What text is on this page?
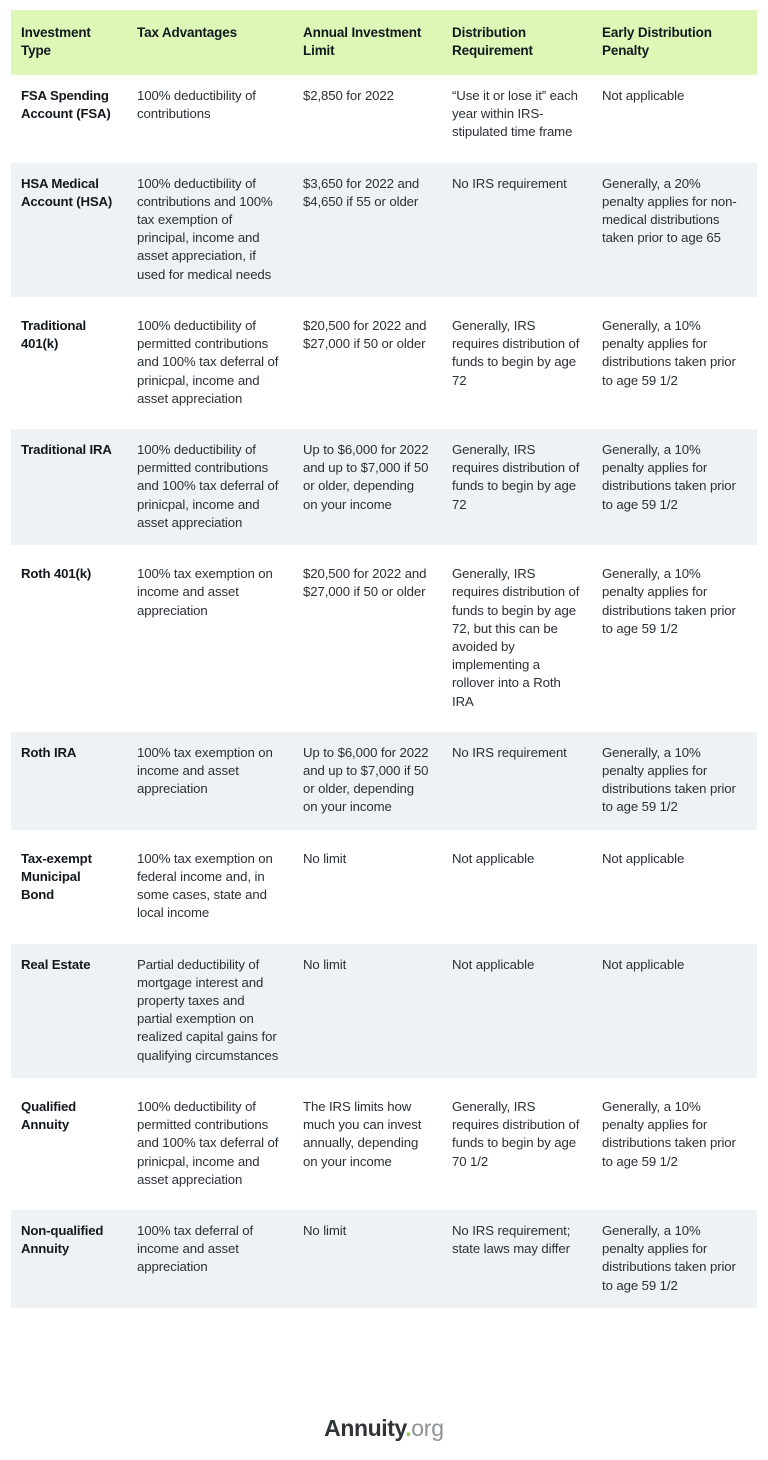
Investment Type	Tax Advantages	Annual Investment Limit	Distribution Requirement	Early Distribution Penalty
FSA Spending Account (FSA)	100% deductibility of contributions	$2,850 for 2022	“Use it or lose it” each year within IRS-stipulated time frame	Not applicable

HSA Medical Account (HSA)	100% deductibility of contributions and 100% tax exemption of principal, income and asset appreciation, if used for medical needs	$3,650 for 2022 and $4,650 if 55 or older	No IRS requirement	Generally, a 20% penalty applies for non-medical distributions taken prior to age 65

Traditional 401(k)	100% deductibility of permitted contributions and 100% tax deferral of prinicpal, income and asset appreciation	$20,500 for 2022 and $27,000 if 50 or older	Generally, IRS requires distribution of funds to begin by age 72	Generally, a 10% penalty applies for distributions taken prior to age 59 1/2

Traditional IRA	100% deductibility of permitted contributions and 100% tax deferral of prinicpal, income and asset appreciation	Up to $6,000 for 2022 and up to $7,000 if 50 or older, depending on your income	Generally, IRS requires distribution of funds to begin by age 72	Generally, a 10% penalty applies for distributions taken prior to age 59 1/2

Roth 401(k)	100% tax exemption on income and asset appreciation	$20,500 for 2022 and $27,000 if 50 or older	Generally, IRS requires distribution of funds to begin by age 72, but this can be avoided by implementing a rollover into a Roth IRA	Generally, a 10% penalty applies for distributions taken prior to age 59 1/2

Roth IRA	100% tax exemption on income and asset appreciation	Up to $6,000 for 2022 and up to $7,000 if 50 or older, depending on your income	No IRS requirement	Generally, a 10% penalty applies for distributions taken prior to age 59 1/2

Tax-exempt Municipal Bond	100% tax exemption on federal income and, in some cases, state and local income	No limit	Not applicable	Not applicable

Real Estate	Partial deductibility of mortgage interest and property taxes and partial exemption on realized capital gains for qualifying circumstances	No limit	Not applicable	Not applicable

Qualified Annuity	100% deductibility of permitted contributions and 100% tax deferral of prinicpal, income and asset appreciation	The IRS limits how much you can invest annually, depending on your income	Generally, IRS requires distribution of funds to begin by age 70 1/2	Generally, a 10% penalty applies for distributions taken prior to age 59 1/2

Non-qualified Annuity	100% tax deferral of income and asset appreciation	No limit	No IRS requirement; state laws may differ	Generally, a 10% penalty applies for distributions taken prior to age 59 1/2
Annuity.org
